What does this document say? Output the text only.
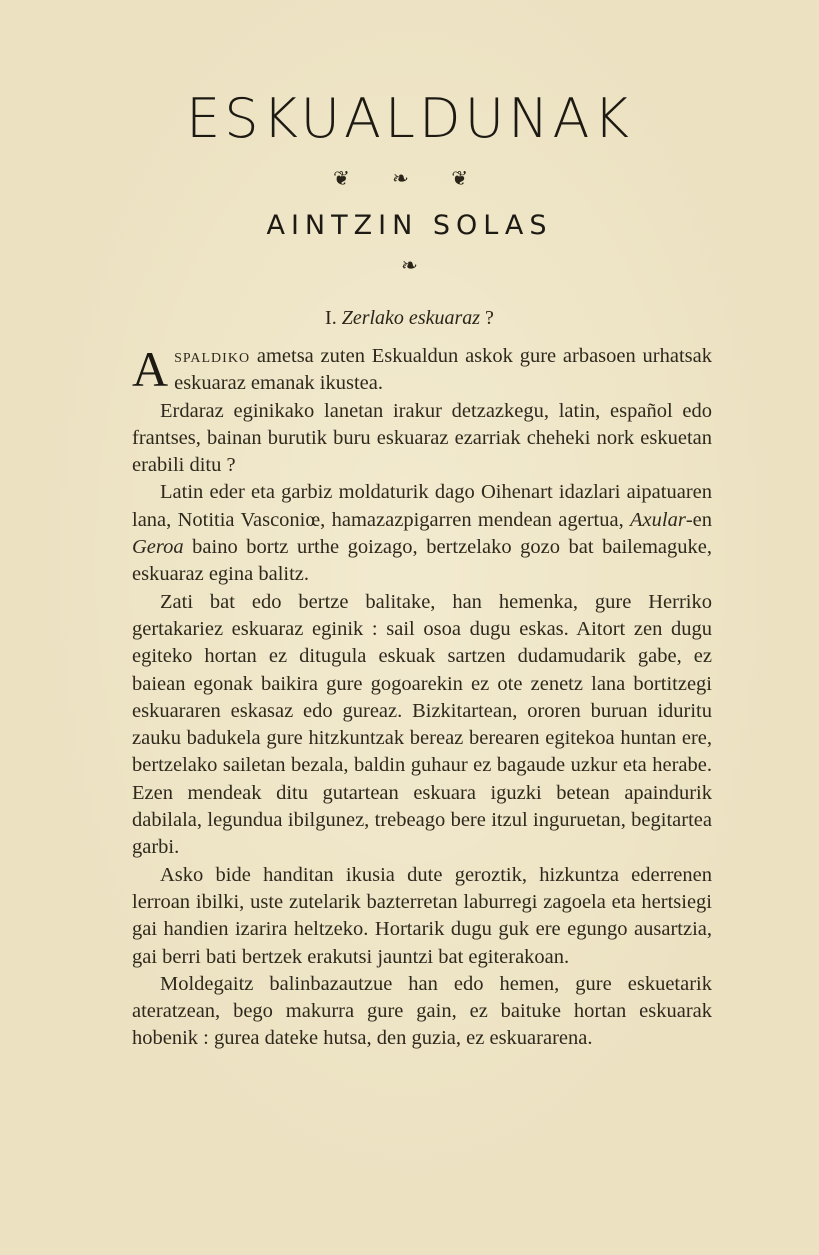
ESKUALDUNAK
❦ ❧ ❦
AINTZIN SOLAS
❧
I. Zerlako eskuaraz ?

Aspaldiko ametsa zuten Eskualdun askok gure arbasoen urhatsak eskuaraz emanak ikustea.

Erdaraz eginikako lanetan irakur detzazkegu, latin, español edo frantses, bainan burutik buru eskuaraz ezarriak cheheki nork eskuetan erabili ditu ?

Latin eder eta garbiz moldaturik dago Oihenart idazlari aipatuaren lana, Notitia Vasconiœ, hamazazpigarren mendean agertua, Axular-en Geroa baino bortz urthe goizago, bertzelako gozo bat bailemaguke, eskuaraz egina balitz.

Zati bat edo bertze balitake, han hemenka, gure Herriko gertakariez eskuaraz eginik : sail osoa dugu eskas. Aitort zen dugu egiteko hortan ez ditugula eskuak sartzen dudamudarik gabe, ez baiean egonak baikira gure gogoarekin ez ote zenetz lana bortitzegi eskuararen eskasaz edo gureaz. Bizkitartean, ororen buruan iduritu zauku badukela gure hitzkuntzak bereaz berearen egitekoa huntan ere, bertzelako sailetan bezala, baldin guhaur ez bagaude uzkur eta herabe. Ezen mendeak ditu gutartean eskuara iguzki betean apaindurik dabilala, legundua ibilgunez, trebeago bere itzul inguruetan, begitartea garbi.

Asko bide handitan ikusia dute geroztik, hizkuntza ederrenen lerroan ibilki, uste zutelarik bazterretan laburregi zagoela eta hertsiegi gai handien izarira heltzeko. Hortarik dugu guk ere egungo ausartzia, gai berri bati bertzek erakutsi jauntzi bat egiterakoan.

Moldegaitz balinbazautzue han edo hemen, gure eskuetarik ateratzean, bego makurra gure gain, ez baituke hortan eskuarak hobenik : gurea dateke hutsa, den guzia, ez eskuararena.
